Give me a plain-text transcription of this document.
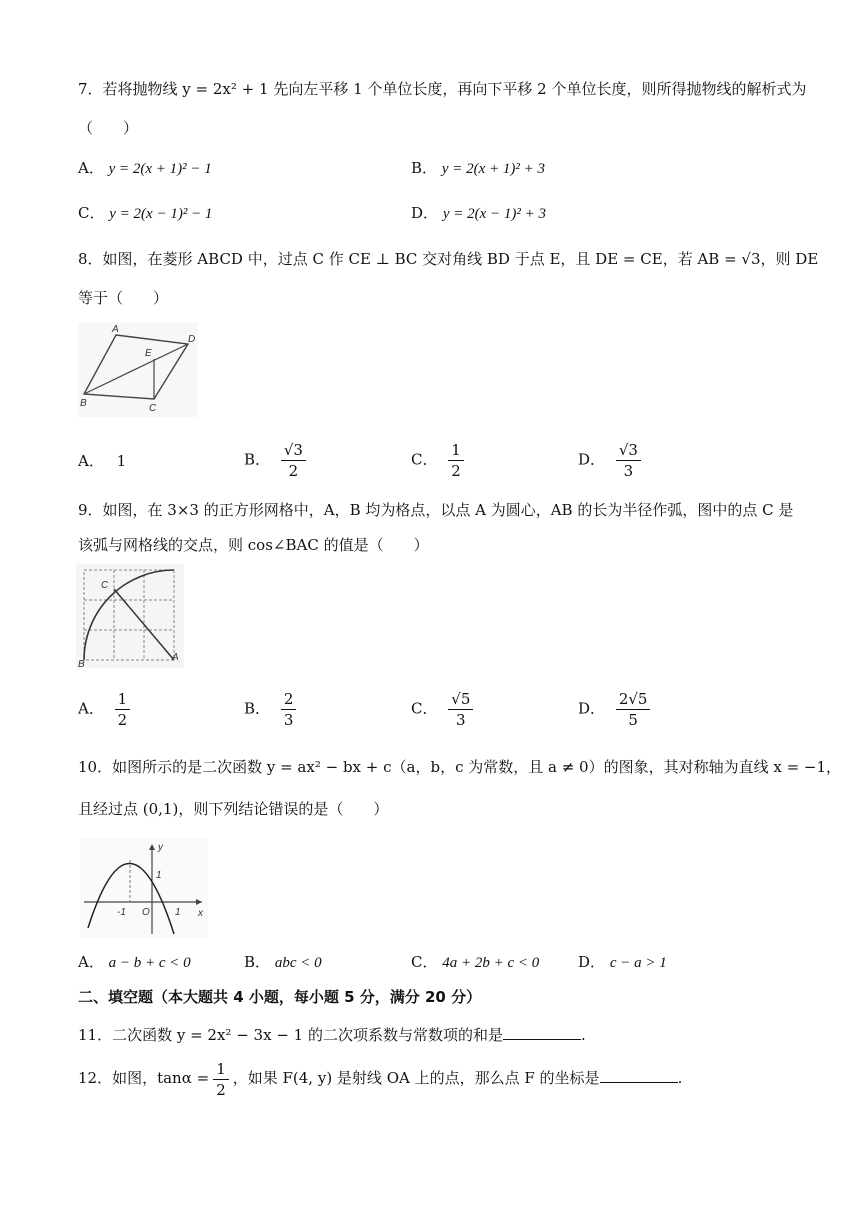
7．若将抛物线 y = 2x² + 1 先向左平移 1 个单位长度，再向下平移 2 个单位长度，则所得抛物线的解析式为
（　　）
A． y = 2(x + 1)² − 1	B． y = 2(x + 1)² + 3
C． y = 2(x − 1)² − 1	D． y = 2(x − 1)² + 3
8．如图，在菱形 ABCD 中，过点 C 作 CE ⊥ BC 交对角线 BD 于点 E，且 DE = CE，若 AB = √3，则 DE
等于（　　）
A
D
E
B	C
A． 1	B． $\frac{√3}{2}$	C． $\frac{1}{2}$	D． $\frac{√3}{3}$
9．如图，在 3×3 的正方形网格中，A，B 均为格点，以点 A 为圆心，AB 的长为半径作弧，图中的点 C 是
该弧与网格线的交点，则 cos∠BAC 的值是（　　）
C
B
A
A． $\frac{1}{2}$	B． $\frac{2}{3}$	C． $\frac{√5}{3}$	D． $\frac{2√5}{5}$
10．如图所示的是二次函数 y = ax² − bx + c（a，b，c 为常数，且 a ≠ 0）的图象，其对称轴为直线 x = −1，
且经过点 (0,1)，则下列结论错误的是（　　）
y
x
1
-1 O	1
A． a − b + c < 0	B． abc < 0	C． 4a + 2b + c < 0	D． c − a > 1
二、填空题（本大题共 4 小题，每小题 5 分，满分 20 分）
11．二次函数 y = 2x² − 3x − 1 的二次项系数与常数项的和是	.
12．如图，$\tan\alpha = \frac{1}{2}$ ，如果 F(4, y) 是射线 OA 上的点，那么点 F 的坐标是	.
